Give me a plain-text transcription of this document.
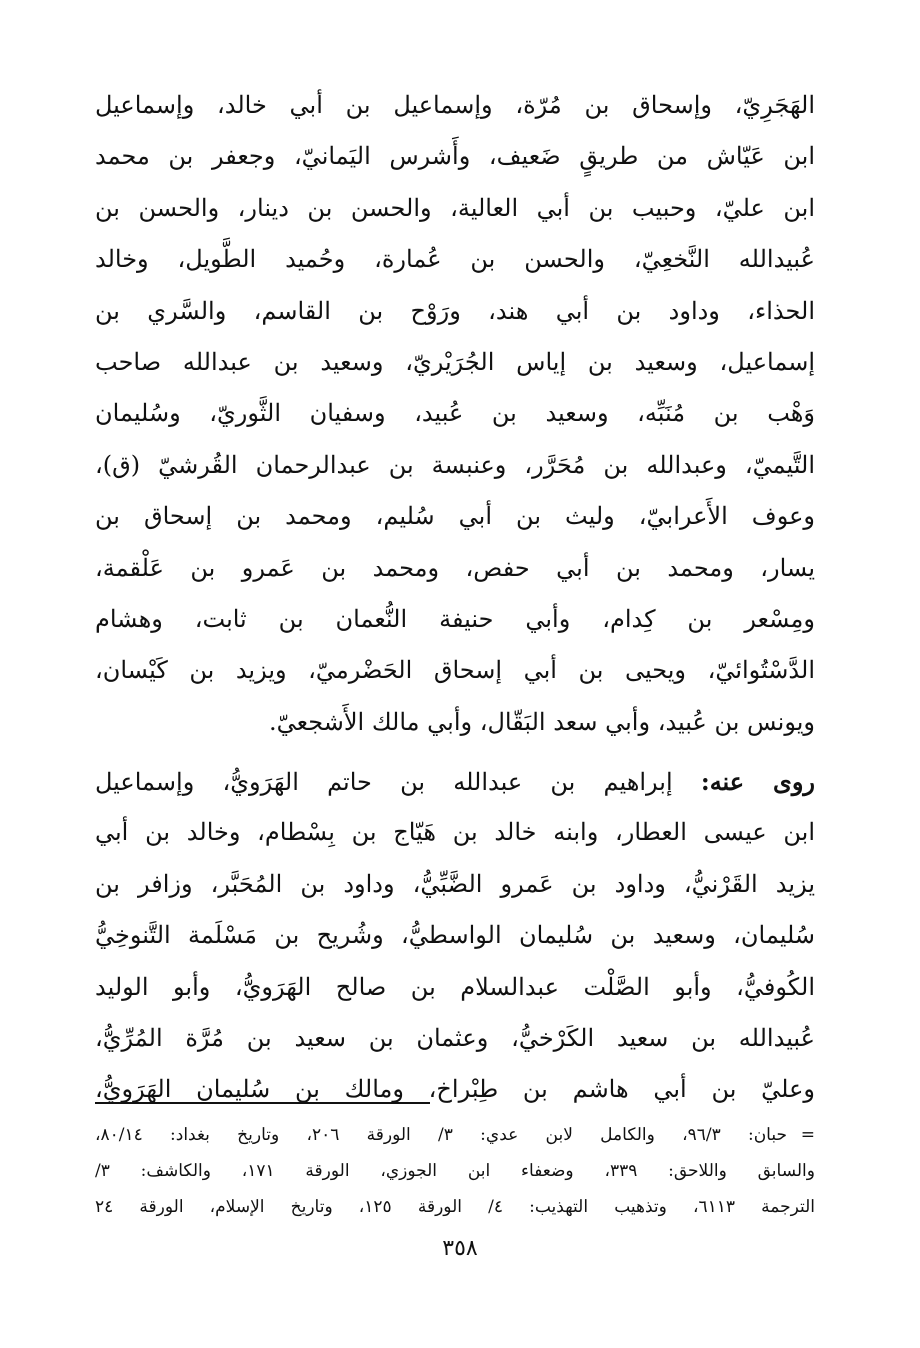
الهَجَرِيّ، وإسحاق بن مُرّة، وإسماعيل بن أبي خالد، وإسماعيل
ابن عَيّاش من طريقٍ ضَعيف، وأَشرس اليَمانيّ، وجعفر بن محمد
ابن عليّ، وحبيب بن أبي العالية، والحسن بن دينار، والحسن بن
عُبيدالله النَّخعِيّ، والحسن بن عُمارة، وحُميد الطَّويل، وخالد
الحذاء، وداود بن أبي هند، ورَوْح بن القاسم، والسَّري بن
إسماعيل، وسعيد بن إياس الجُرَيْريّ، وسعيد بن عبدالله صاحب
وَهْب بن مُنَبِّه، وسعيد بن عُبيد، وسفيان الثَّوريّ، وسُليمان
التَّيميّ، وعبدالله بن مُحَرَّر، وعنبسة بن عبدالرحمان القُرشيّ (ق)،
وعوف الأَعرابيّ، وليث بن أبي سُليم، ومحمد بن إسحاق بن
يسار، ومحمد بن أبي حفص، ومحمد بن عَمرو بن عَلْقمة،
ومِسْعر بن كِدام، وأبي حنيفة النُّعمان بن ثابت، وهشام
الدَّسْتُوائيّ، ويحيى بن أبي إسحاق الحَضْرميّ، ويزيد بن كَيْسان،
ويونس بن عُبيد، وأبي سعد البَقّال، وأبي مالك الأَشجعيّ.
روى عنه: إبراهيم بن عبدالله بن حاتم الهَرَويُّ، وإسماعيل
ابن عيسى العطار، وابنه خالد بن هَيّاج بن بِسْطام، وخالد بن أبي
يزيد القَرْنيُّ، وداود بن عَمرو الضَّبِّيُّ، وداود بن المُحَبَّر، وزافر بن
سُليمان، وسعيد بن سُليمان الواسطيُّ، وشُريح بن مَسْلَمة التَّنوخِيُّ
الكُوفيُّ، وأبو الصَّلْت عبدالسلام بن صالح الهَرَويُّ، وأبو الوليد
عُبيدالله بن سعيد الكَرْخيُّ، وعثمان بن سعيد بن مُرَّة المُرِّيُّ،
وعليّ بن أبي هاشم بن طِبْراخ، ومالك بن سُليمان الهَرَويُّ،
=
حبان: ٩٦/٣، والكامل لابن عدي: ٣/ الورقة ٢٠٦، وتاريخ بغداد: ٨٠/١٤،
والسابق واللاحق: ٣٣٩، وضعفاء ابن الجوزي، الورقة ١٧١، والكاشف: ٣/
الترجمة ٦١١٣، وتذهيب التهذيب: ٤/ الورقة ١٢٥، وتاريخ الإسلام، الورقة ٢٤
٣٥٨
